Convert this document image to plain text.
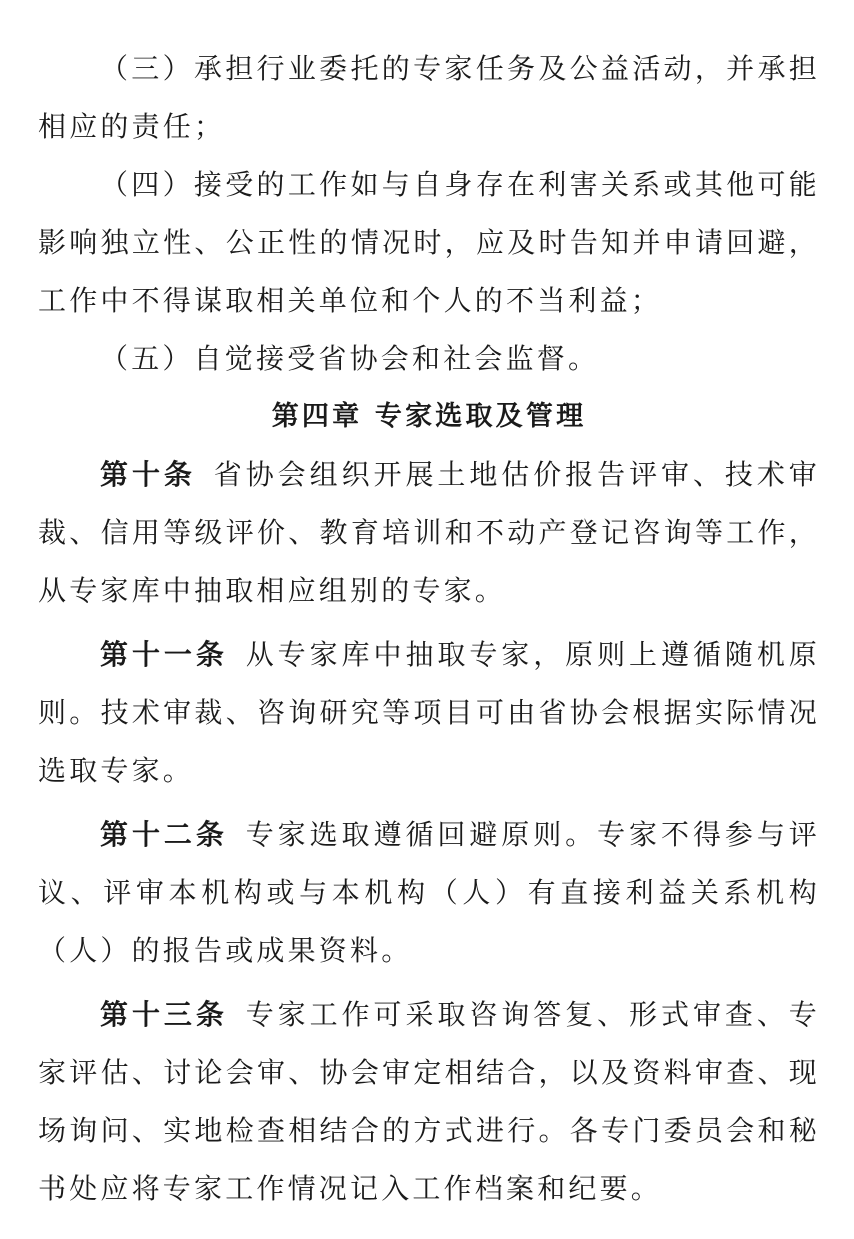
（三）承担行业委托的专家任务及公益活动，并承担相应的责任；

（四）接受的工作如与自身存在利害关系或其他可能影响独立性、公正性的情况时，应及时告知并申请回避，工作中不得谋取相关单位和个人的不当利益；

（五）自觉接受省协会和社会监督。

第四章 专家选取及管理

第十条  省协会组织开展土地估价报告评审、技术审裁、信用等级评价、教育培训和不动产登记咨询等工作，从专家库中抽取相应组别的专家。

第十一条  从专家库中抽取专家，原则上遵循随机原则。技术审裁、咨询研究等项目可由省协会根据实际情况选取专家。

第十二条  专家选取遵循回避原则。专家不得参与评议、评审本机构或与本机构（人）有直接利益关系机构（人）的报告或成果资料。

第十三条  专家工作可采取咨询答复、形式审查、专家评估、讨论会审、协会审定相结合，以及资料审查、现场询问、实地检查相结合的方式进行。各专门委员会和秘书处应将专家工作情况记入工作档案和纪要。
